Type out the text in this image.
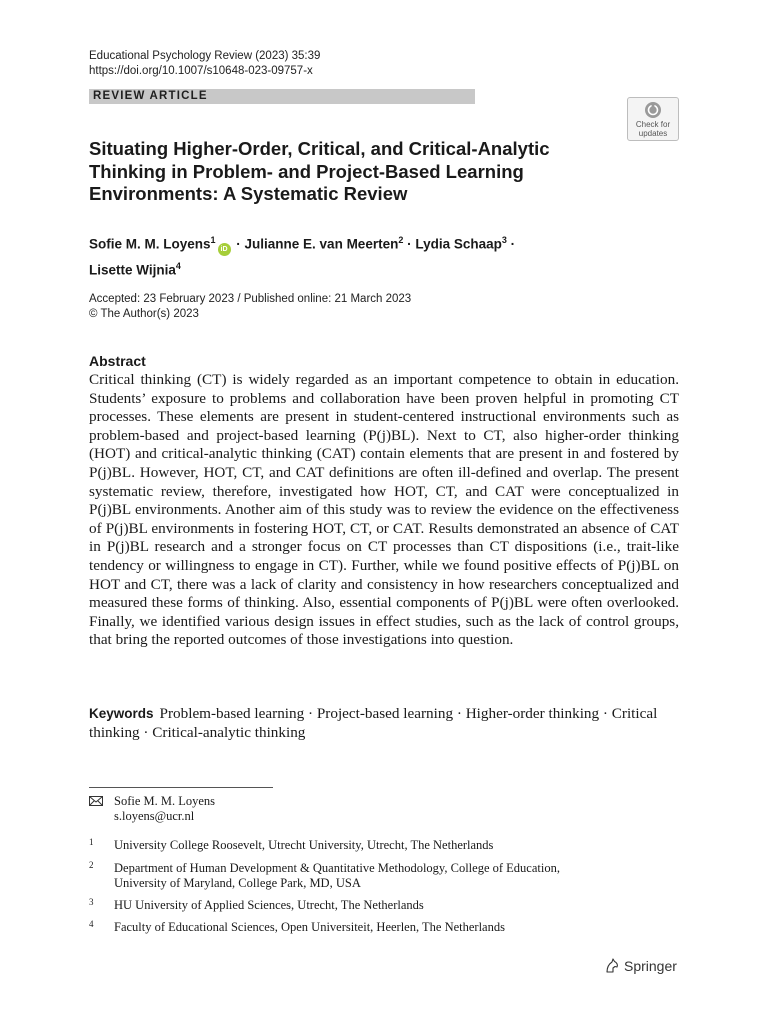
Educational Psychology Review (2023) 35:39
https://doi.org/10.1007/s10648-023-09757-x
REVIEW ARTICLE
Check for
updates
Situating Higher-Order, Critical, and Critical-Analytic
Thinking in Problem- and Project-Based Learning
Environments: A Systematic Review
Sofie M. M. Loyens$^1$iD · Julianne E. van Meerten$^2$ · Lydia Schaap$^3$ ·
Lisette Wijnia$^4$
Accepted: 23 February 2023 / Published online: 21 March 2023
© The Author(s) 2023
Abstract
Critical thinking (CT) is widely regarded as an important competence to obtain in education. Students’ exposure to problems and collaboration have been proven helpful in promoting CT processes. These elements are present in student-centered instructional environments such as problem-based and project-based learning (P(j)BL). Next to CT, also higher-order thinking (HOT) and critical-analytic thinking (CAT) contain elements that are present in and fostered by P(j)BL. However, HOT, CT, and CAT definitions are often ill-defined and overlap. The present systematic review, therefore, investigated how HOT, CT, and CAT were conceptualized in P(j)BL environments. Another aim of this study was to review the evidence on the effectiveness of P(j)BL environments in fostering HOT, CT, or CAT. Results demonstrated an absence of CAT in P(j)BL research and a stronger focus on CT processes than CT dispositions (i.e., trait-like tendency or willingness to engage in CT). Further, while we found positive effects of P(j)BL on HOT and CT, there was a lack of clarity and consistency in how researchers conceptualized and measured these forms of thinking. Also, essential components of P(j)BL were often overlooked. Finally, we identified various design issues in effect studies, such as the lack of control groups, that bring the reported outcomes of those investigations into question.
Keywords Problem-based learning · Project-based learning · Higher-order thinking · Critical thinking · Critical-analytic thinking
Sofie M. M. Loyens
s.loyens@ucr.nl
1 University College Roosevelt, Utrecht University, Utrecht, The Netherlands
2 Department of Human Development & Quantitative Methodology, College of Education,
University of Maryland, College Park, MD, USA
3 HU University of Applied Sciences, Utrecht, The Netherlands
4 Faculty of Educational Sciences, Open Universiteit, Heerlen, The Netherlands
Springer
